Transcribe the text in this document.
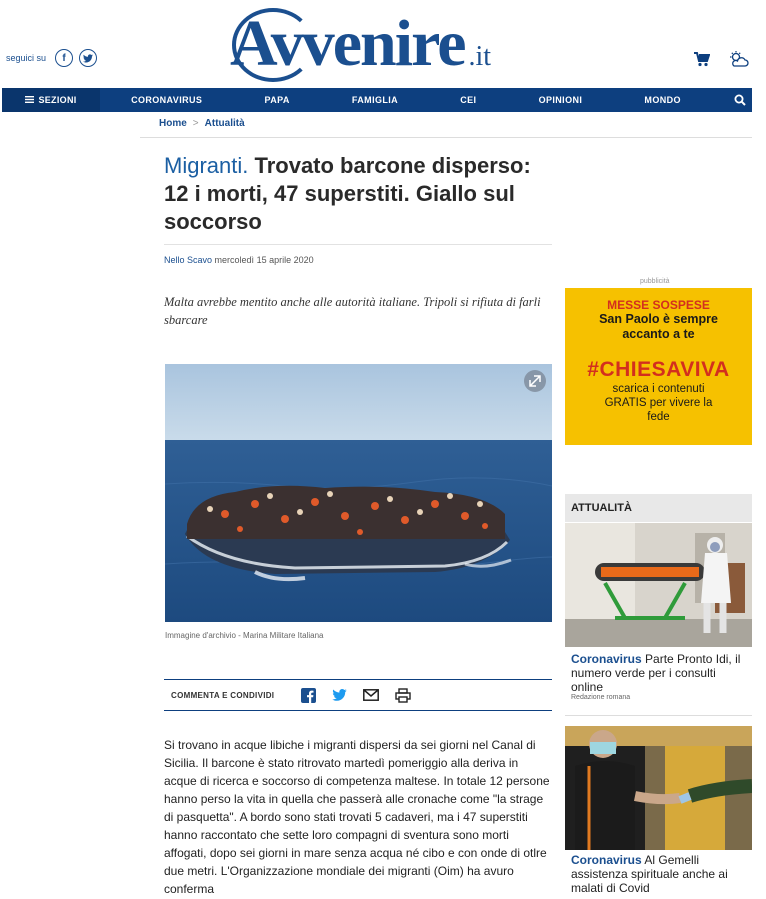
seguici su	f Avvenire .it
SEZIONI	CORONAVIRUS	PAPA	FAMIGLIA	CEI	OPINIONI	MONDO
Home > Attualità
Migranti. Trovato barcone disperso: 12 i morti, 47 superstiti. Giallo sul soccorso
Nello Scavo mercoledì 15 aprile 2020

Malta avrebbe mentito anche alle autorità italiane. Tripoli si rifiuta di farli sbarcare

Immagine d'archivio - Marina Militare Italiana
COMMENTA E CONDIVIDI

Si trovano in acque libiche i migranti dispersi da sei giorni nel Canal di Sicilia. Il barcone è stato ritrovato martedì pomeriggio alla deriva in acque di ricerca e soccorso di competenza maltese. In totale 12 persone hanno perso la vita in quella che passerà alle cronache come "la strage di pasquetta". A bordo sono stati trovati 5 cadaveri, ma i 47 superstiti hanno raccontato che sette loro compagni di sventura sono morti affogati, dopo sei giorni in mare senza acqua né cibo e con onde di otlre due metri. L'Organizzazione mondiale dei migranti (Oim) ha avuro conferma

pubblicità
MESSE SOSPESE
San Paolo è sempre accanto a te
#CHIESAVIVA
scarica i contenuti GRATIS per vivere la fede
ATTUALITÀ
Coronavirus Parte Pronto Idi, il numero verde per i consulti online
Redazione romana
Coronavirus Al Gemelli assistenza spirituale anche ai malati di Covid
